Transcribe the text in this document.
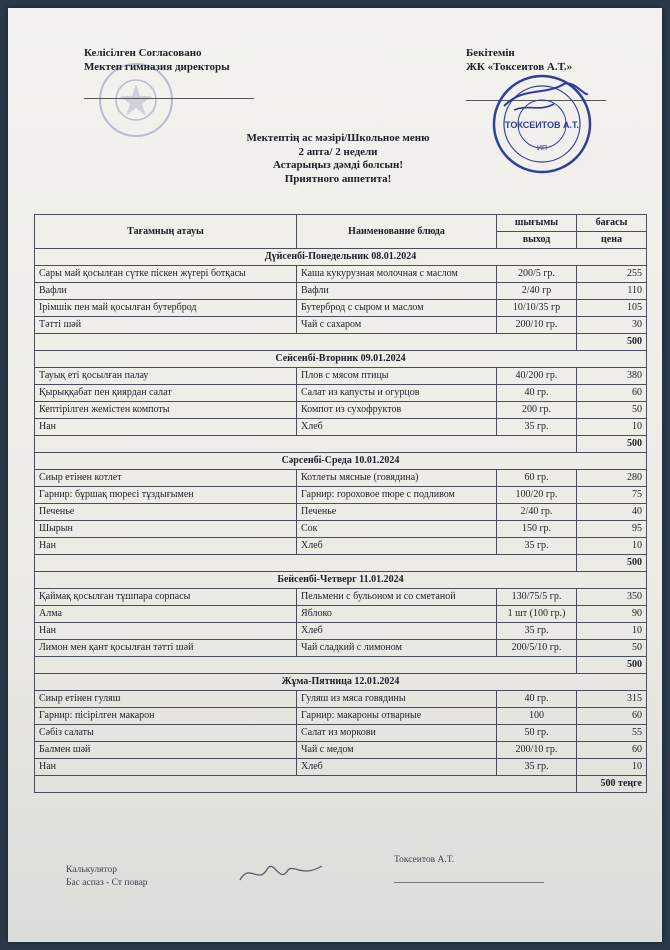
Келісілген Согласовано
Мектеп гимназия директоры
Бекітемін
ЖК «Токсеитов А.Т.»
ТОКСЕИТОВ А.Т.
ИП
Мектептің ас мәзірі/Школьное меню
2 апта/ 2 недели
Астарыңыз дәмді болсын!
Приятного аппетита!
Тағамның атауы	Наименование блюда	шығымы	бағасы
		выход	цена
Дүйсенбі-Понедельник 08.01.2024			
Сары май қосылған сүтке піскен жүгері ботқасы	Каша кукурузная молочная с маслом	200/5 гр.	255
Вафли	Вафли	2/40 гр	110
Ірімшік пен май қосылған бутерброд	Бутерброд с сыром и маслом	10/10/35 гр	105
Тәтті шәй	Чай с сахаром	200/10 гр.	30
			500
Сейсенбі-Вторник 09.01.2024			
Тауық еті қосылған палау	Плов с мясом птицы	40/200 гр.	380
Қырыққабат пен қиярдан салат	Салат из капусты и огурцов	40 гр.	60
Кептірілген жемістен компоты	Компот из сухофруктов	200 гр.	50
Нан	Хлеб	35 гр.	10
			500
Сәрсенбі-Среда 10.01.2024			
Сиыр етінен котлет	Котлеты мясные (говядина)	60 гр.	280
Гарнир: бұршақ пюресі тұздығымен	Гарнир: гороховое пюре с подливом	100/20 гр.	75
Печенье	Печенье	2/40 гр.	40
Шырын	Сок	150 гр.	95
Нан	Хлеб	35 гр.	10
			500
Бейсенбі-Четверг 11.01.2024			
Қаймақ қосылған тұшпара сорпасы	Пельмени с бульоном и со сметаной	130/75/5 гр.	350
Алма	Яблоко	1 шт (100 гр.)	90
Нан	Хлеб	35 гр.	10
Лимон мен қант қосылған тәтті шәй	Чай сладкий с лимоном	200/5/10 гр.	50
			500
Жұма-Пятница 12.01.2024			
Сиыр етінен гуляш	Гуляш из мяса говядины	40 гр.	315
Гарнир: пісірілген макарон	Гарнир: макароны отварные	100	60
Сәбіз салаты	Салат из моркови	50 гр.	55
Балмен шәй	Чай с медом	200/10 гр.	60
Нан	Хлеб	35 гр.	10
			500 теңге
Калькулятор
Бас аспаз - Ст повар
Токсеитов А.Т.
